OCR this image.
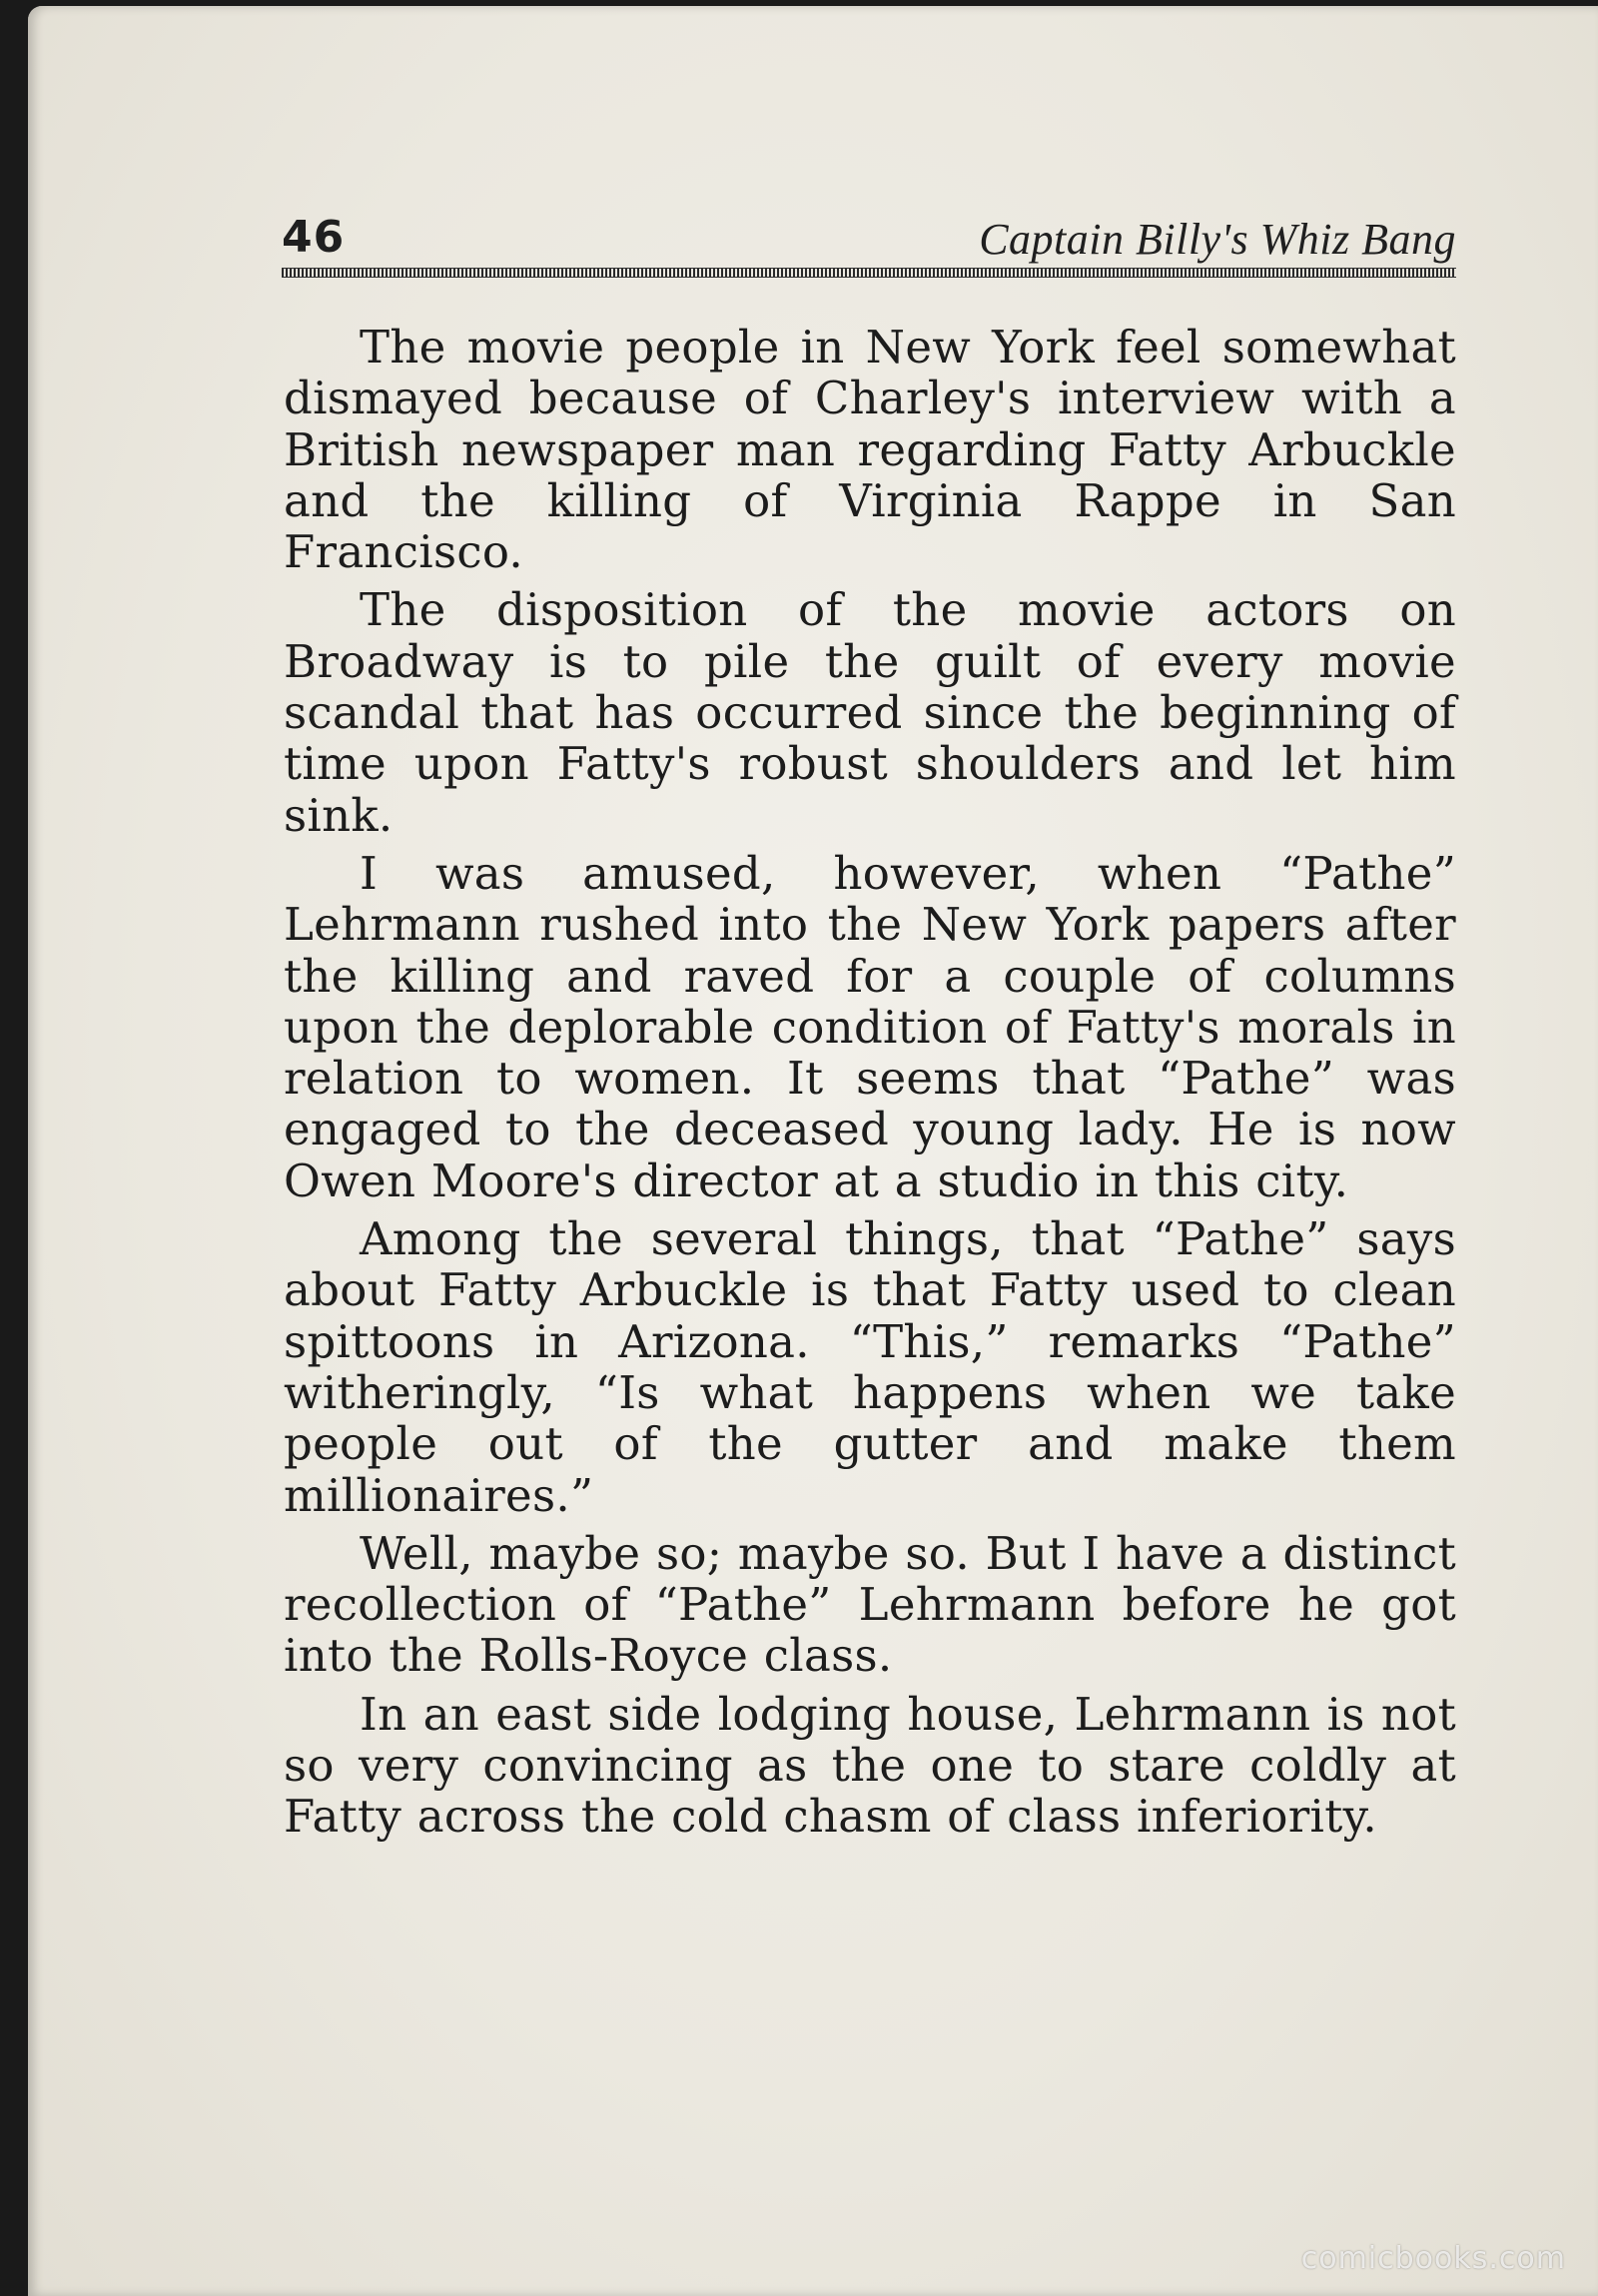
46	Captain Billy's Whiz Bang

The movie people in New York feel somewhat dismayed because of Charley's interview with a British newspaper man regarding Fatty Arbuckle and the killing of Virginia Rappe in San Francisco.

The disposition of the movie actors on Broadway is to pile the guilt of every movie scandal that has occurred since the beginning of time upon Fatty's robust shoulders and let him sink.

I was amused, however, when “Pathe” Lehrmann rushed into the New York papers after the killing and raved for a couple of columns upon the deplorable condition of Fatty's morals in relation to women. It seems that “Pathe” was engaged to the deceased young lady. He is now Owen Moore's director at a studio in this city.

Among the several things, that “Pathe” says about Fatty Arbuckle is that Fatty used to clean spittoons in Arizona. “This,” remarks “Pathe” witheringly, “Is what happens when we take people out of the gutter and make them millionaires.”

Well, maybe so; maybe so. But I have a distinct recollection of “Pathe” Lehrmann before he got into the Rolls-Royce class.

In an east side lodging house, Lehrmann is not so very convincing as the one to stare coldly at Fatty across the cold chasm of class inferiority.

comicbooks.com
